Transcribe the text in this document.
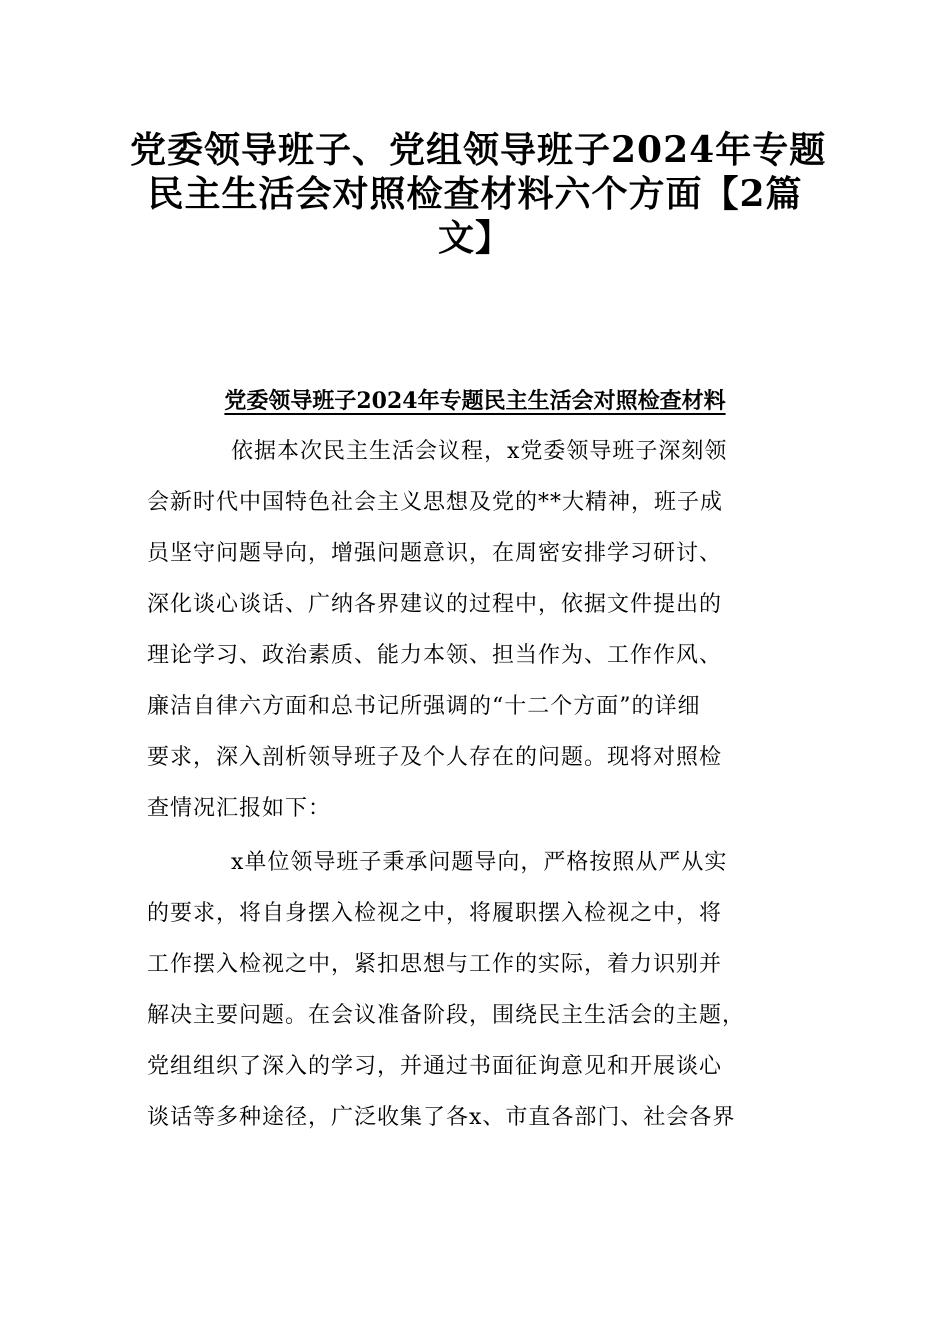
党委领导班子、党组领导班子2024年专题
民主生活会对照检查材料六个方面【2篇
文】
党委领导班子2024年专题民主生活会对照检查材料
依据本次民主生活会议程，x党委领导班子深刻领
会新时代中国特色社会主义思想及党的**大精神，班子成
员坚守问题导向，增强问题意识，在周密安排学习研讨、
深化谈心谈话、广纳各界建议的过程中，依据文件提出的
理论学习、政治素质、能力本领、担当作为、工作作风、
廉洁自律六方面和总书记所强调的“十二个方面”的详细
要求，深入剖析领导班子及个人存在的问题。现将对照检
查情况汇报如下：
x单位领导班子秉承问题导向，严格按照从严从实
的要求，将自身摆入检视之中，将履职摆入检视之中，将
工作摆入检视之中，紧扣思想与工作的实际，着力识别并
解决主要问题。在会议准备阶段，围绕民主生活会的主题，
党组组织了深入的学习，并通过书面征询意见和开展谈心
谈话等多种途径，广泛收集了各x、市直各部门、社会各界
